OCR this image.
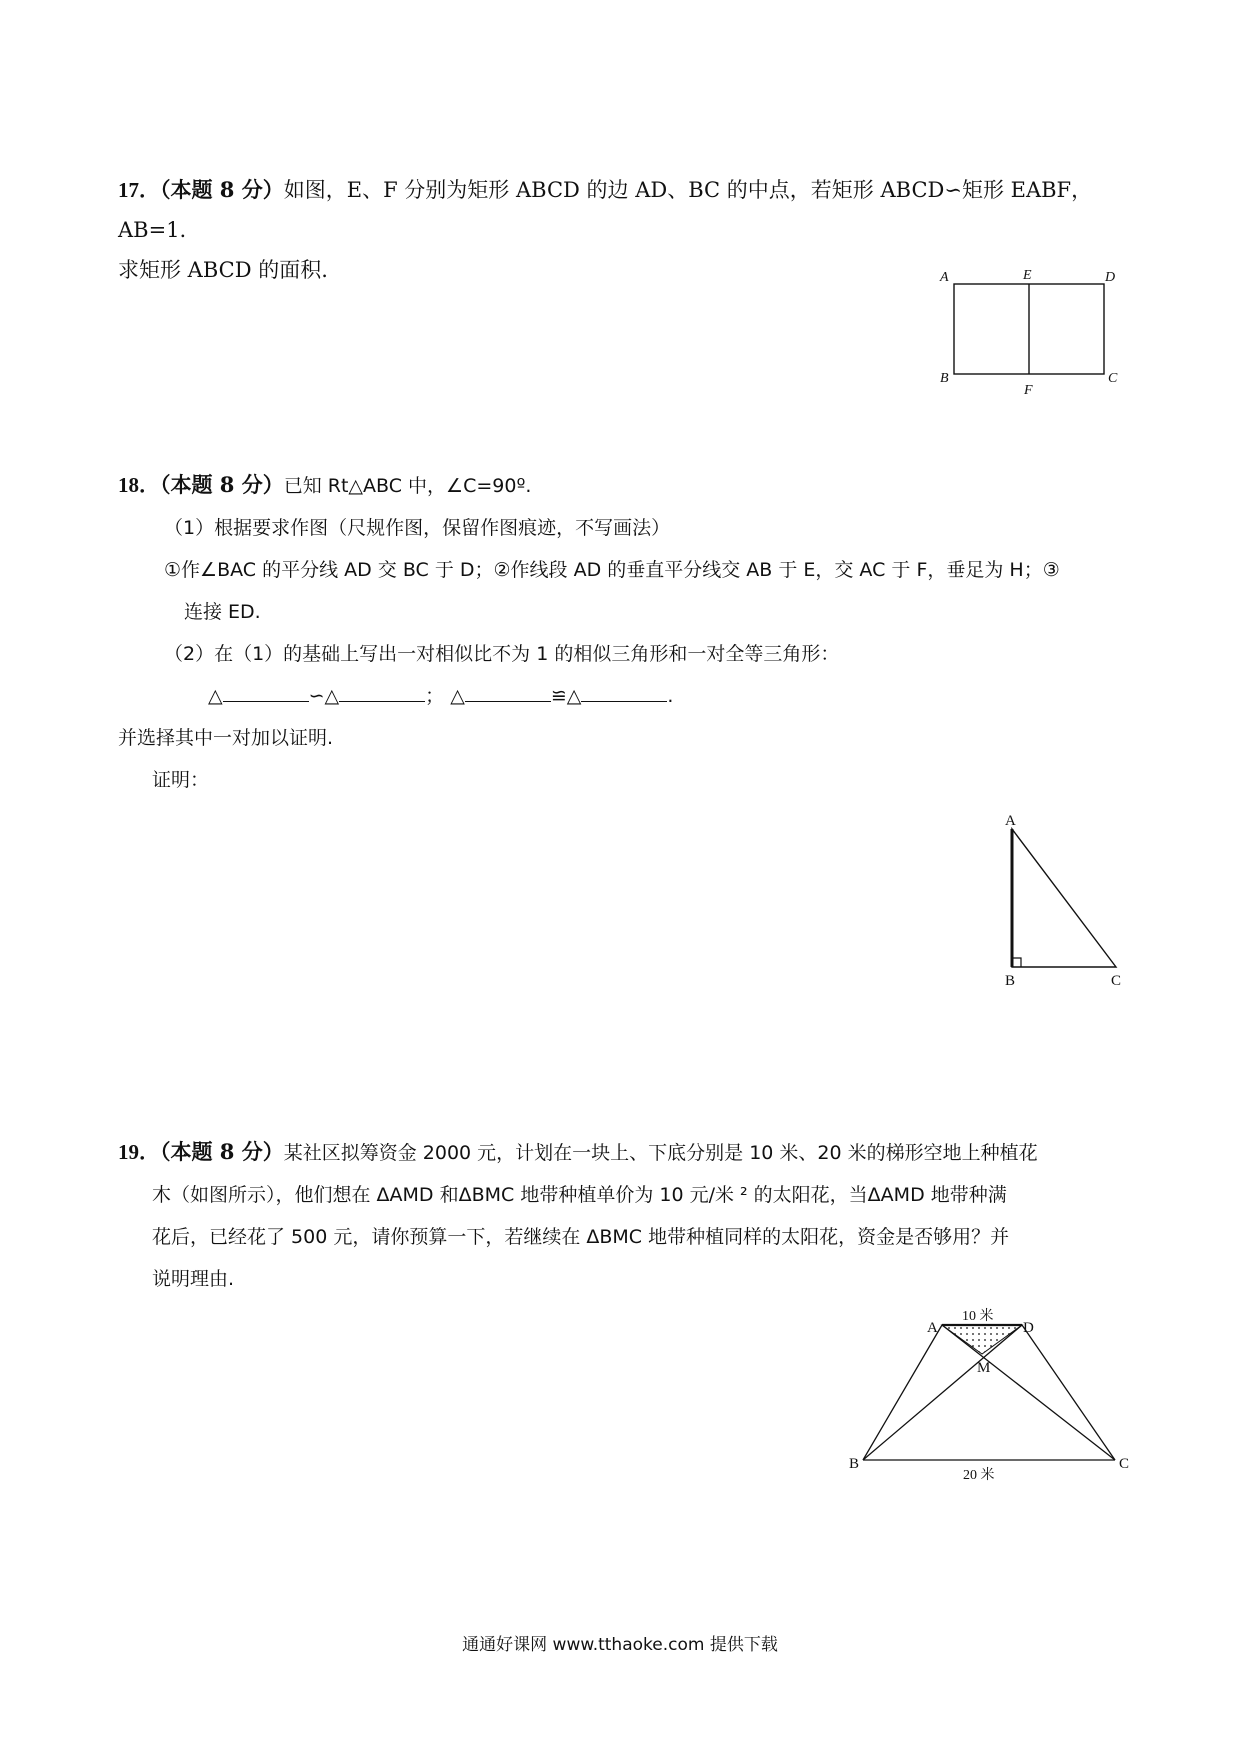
17．（本题 8 分）如图，E、F 分别为矩形 ABCD 的边 AD、BC 的中点，若矩形 ABCD∽矩形 EABF，AB=1.
求矩形 ABCD 的面积.	A	E	D
B
F
C
18．（本题 8 分）已知 Rt△ABC 中，∠C=90º.
（1）根据要求作图（尺规作图，保留作图痕迹，不写画法）
①作∠BAC 的平分线 AD 交 BC 于 D；②作线段 AD 的垂直平分线交 AB 于 E，交 AC 于 F，垂足为 H；③
连接 ED.
（2）在（1）的基础上写出一对相似比不为 1 的相似三角形和一对全等三角形：
△	∽△	； △	≌△	.
并选择其中一对加以证明.
证明：
A
B	C
19．（本题 8 分）某社区拟筹资金 2000 元，计划在一块上、下底分别是 10 米、20 米的梯形空地上种植花
木（如图所示），他们想在 ΔAMD 和ΔBMC 地带种植单价为 10 元/米 ² 的太阳花，当ΔAMD 地带种满
花后，已经花了 500 元，请你预算一下，若继续在 ΔBMC 地带种植同样的太阳花，资金是否够用？并
说明理由.
A	D
M
B	C
10 米
20 米
通通好课网 www.tthaoke.com 提供下载
